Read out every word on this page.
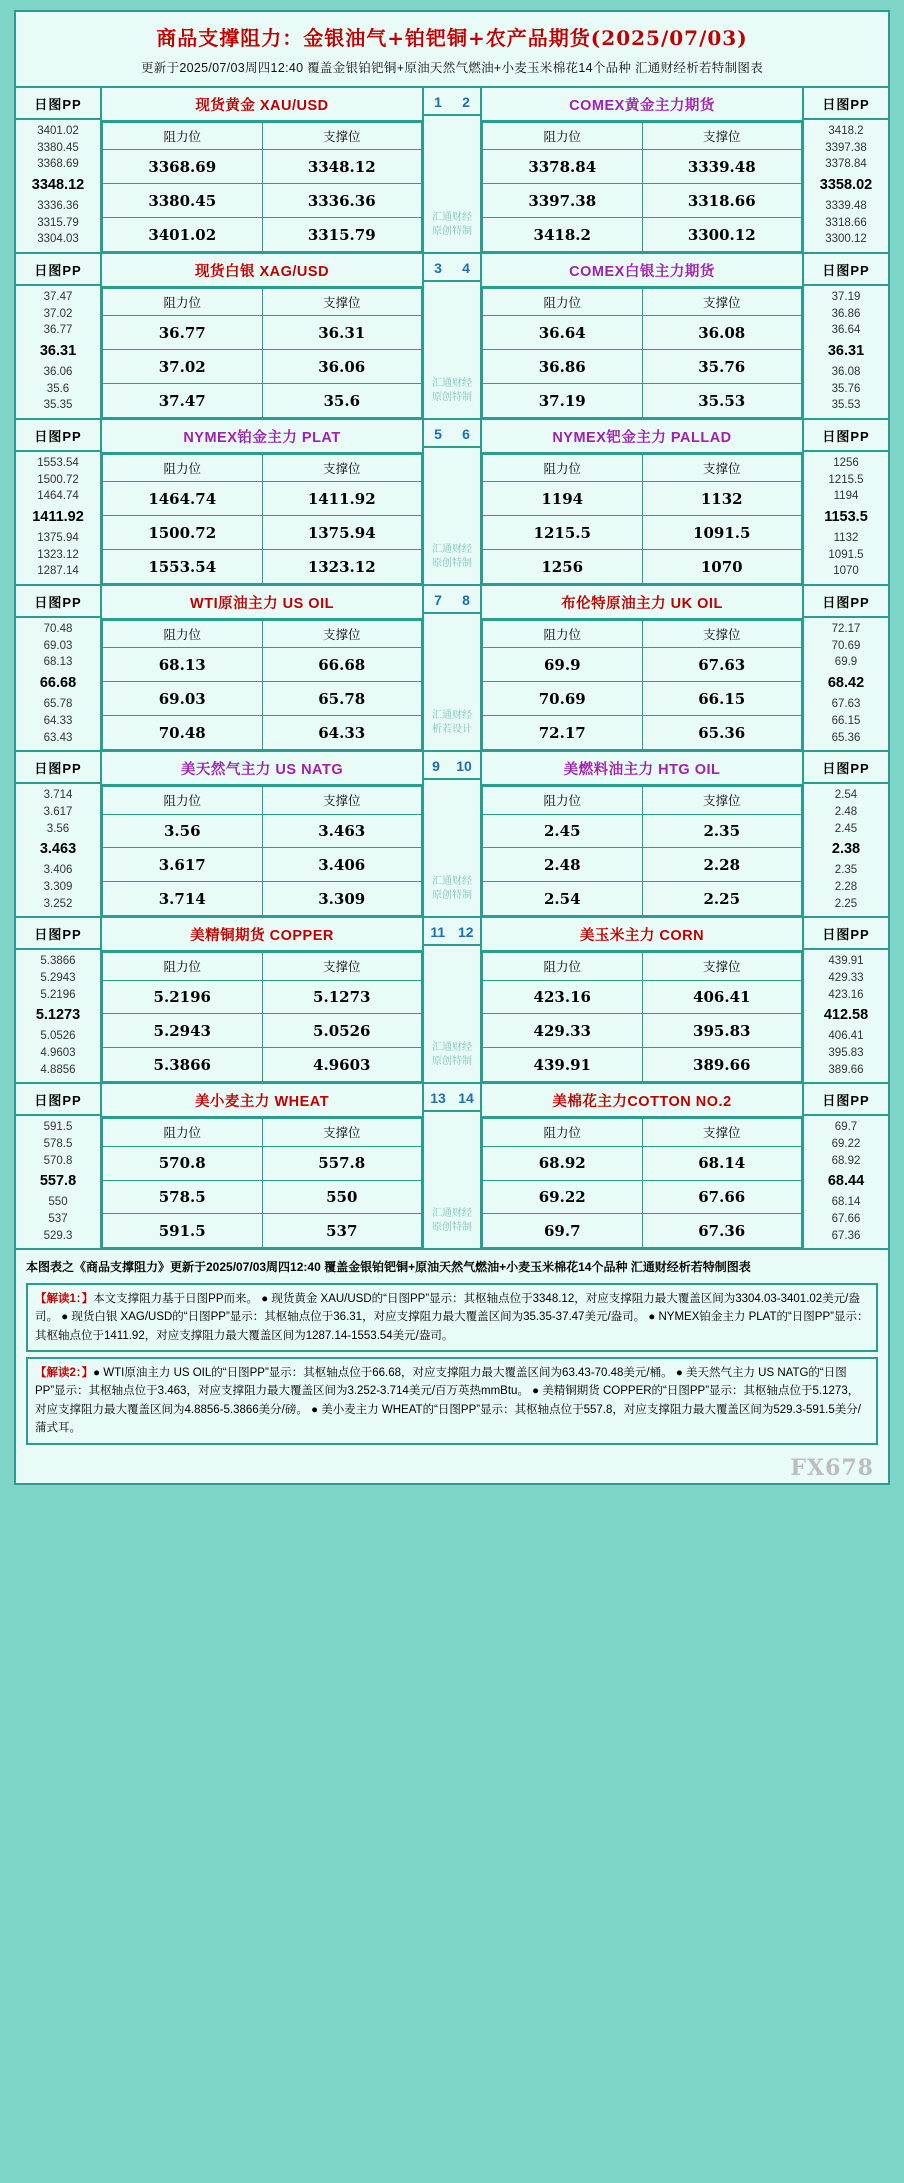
商品支撑阻力：金银油气+铂钯铜+农产品期货(2025/07/03)
更新于2025/07/03周四12:40 覆盖金银铂钯铜+原油天然气燃油+小麦玉米棉花14个品种 汇通财经析若特制图表
日图PP
3401.02
3380.45
3368.69
3348.12
3336.36
3315.79
3304.03
现货黄金 XAU/USD
阻力位	支撑位
3368.69	3348.12
3380.45	3336.36
3401.02	3315.79
1 2
汇通财经
原创特制
COMEX黄金主力期货
阻力位	支撑位
3378.84	3339.48
3397.38	3318.66
3418.2	3300.12
日图PP
3418.2
3397.38
3378.84
3358.02
3339.48
3318.66
3300.12
日图PP
37.47
37.02
36.77
36.31
36.06
35.6
35.35
现货白银 XAG/USD
阻力位	支撑位
36.77	36.31
37.02	36.06
37.47	35.6
3 4
汇通财经
原创特制
COMEX白银主力期货
阻力位	支撑位
36.64	36.08
36.86	35.76
37.19	35.53
日图PP
37.19
36.86
36.64
36.31
36.08
35.76
35.53
日图PP
1553.54
1500.72
1464.74
1411.92
1375.94
1323.12
1287.14
NYMEX铂金主力 PLAT
阻力位	支撑位
1464.74	1411.92
1500.72	1375.94
1553.54	1323.12
5 6
汇通财经
原创特制
NYMEX钯金主力 PALLAD
阻力位	支撑位
1194	1132
1215.5	1091.5
1256	1070
日图PP
1256
1215.5
1194
1153.5
1132
1091.5
1070
日图PP
70.48
69.03
68.13
66.68
65.78
64.33
63.43
WTI原油主力 US OIL
阻力位	支撑位
68.13	66.68
69.03	65.78
70.48	64.33
7 8
汇通财经
析若设计
布伦特原油主力 UK OIL
阻力位	支撑位
69.9	67.63
70.69	66.15
72.17	65.36
日图PP
72.17
70.69
69.9
68.42
67.63
66.15
65.36
日图PP
3.714
3.617
3.56
3.463
3.406
3.309
3.252
美天然气主力 US NATG
阻力位	支撑位
3.56	3.463
3.617	3.406
3.714	3.309
9 10
汇通财经
原创特制
美燃料油主力 HTG OIL
阻力位	支撑位
2.45	2.35
2.48	2.28
2.54	2.25
日图PP
2.54
2.48
2.45
2.38
2.35
2.28
2.25
日图PP
5.3866
5.2943
5.2196
5.1273
5.0526
4.9603
4.8856
美精铜期货 COPPER
阻力位	支撑位
5.2196	5.1273
5.2943	5.0526
5.3866	4.9603
11 12
汇通财经
原创特制
美玉米主力 CORN
阻力位	支撑位
423.16	406.41
429.33	395.83
439.91	389.66
日图PP
439.91
429.33
423.16
412.58
406.41
395.83
389.66
日图PP
591.5
578.5
570.8
557.8
550
537
529.3
美小麦主力 WHEAT
阻力位	支撑位
570.8	557.8
578.5	550
591.5	537
13 14
汇通财经
原创特制
美棉花主力COTTON NO.2
阻力位	支撑位
68.92	68.14
69.22	67.66
69.7	67.36
日图PP
69.7
69.22
68.92
68.44
68.14
67.66
67.36
本图表之《商品支撑阻力》更新于2025/07/03周四12:40 覆盖金银铂钯铜+原油天然气燃油+小麦玉米棉花14个品种 汇通财经析若特制图表
【解读1：】本文支撑阻力基于日图PP而来。 ● 现货黄金 XAU/USD的“日图PP”显示：其枢轴点位于3348.12，对应支撑阻力最大覆盖区间为3304.03-3401.02美元/盎司。 ● 现货白银 XAG/USD的“日图PP”显示：其枢轴点位于36.31，对应支撑阻力最大覆盖区间为35.35-37.47美元/盎司。 ● NYMEX铂金主力 PLAT的“日图PP”显示：其枢轴点位于1411.92，对应支撑阻力最大覆盖区间为1287.14-1553.54美元/盎司。
【解读2：】● WTI原油主力 US OIL的“日图PP”显示：其枢轴点位于66.68，对应支撑阻力最大覆盖区间为63.43-70.48美元/桶。 ● 美天然气主力 US NATG的“日图PP”显示：其枢轴点位于3.463，对应支撑阻力最大覆盖区间为3.252-3.714美元/百万英热mmBtu。 ● 美精铜期货 COPPER的“日图PP”显示：其枢轴点位于5.1273，对应支撑阻力最大覆盖区间为4.8856-5.3866美分/磅。 ● 美小麦主力 WHEAT的“日图PP”显示：其枢轴点位于557.8，对应支撑阻力最大覆盖区间为529.3-591.5美分/蒲式耳。
FX678
